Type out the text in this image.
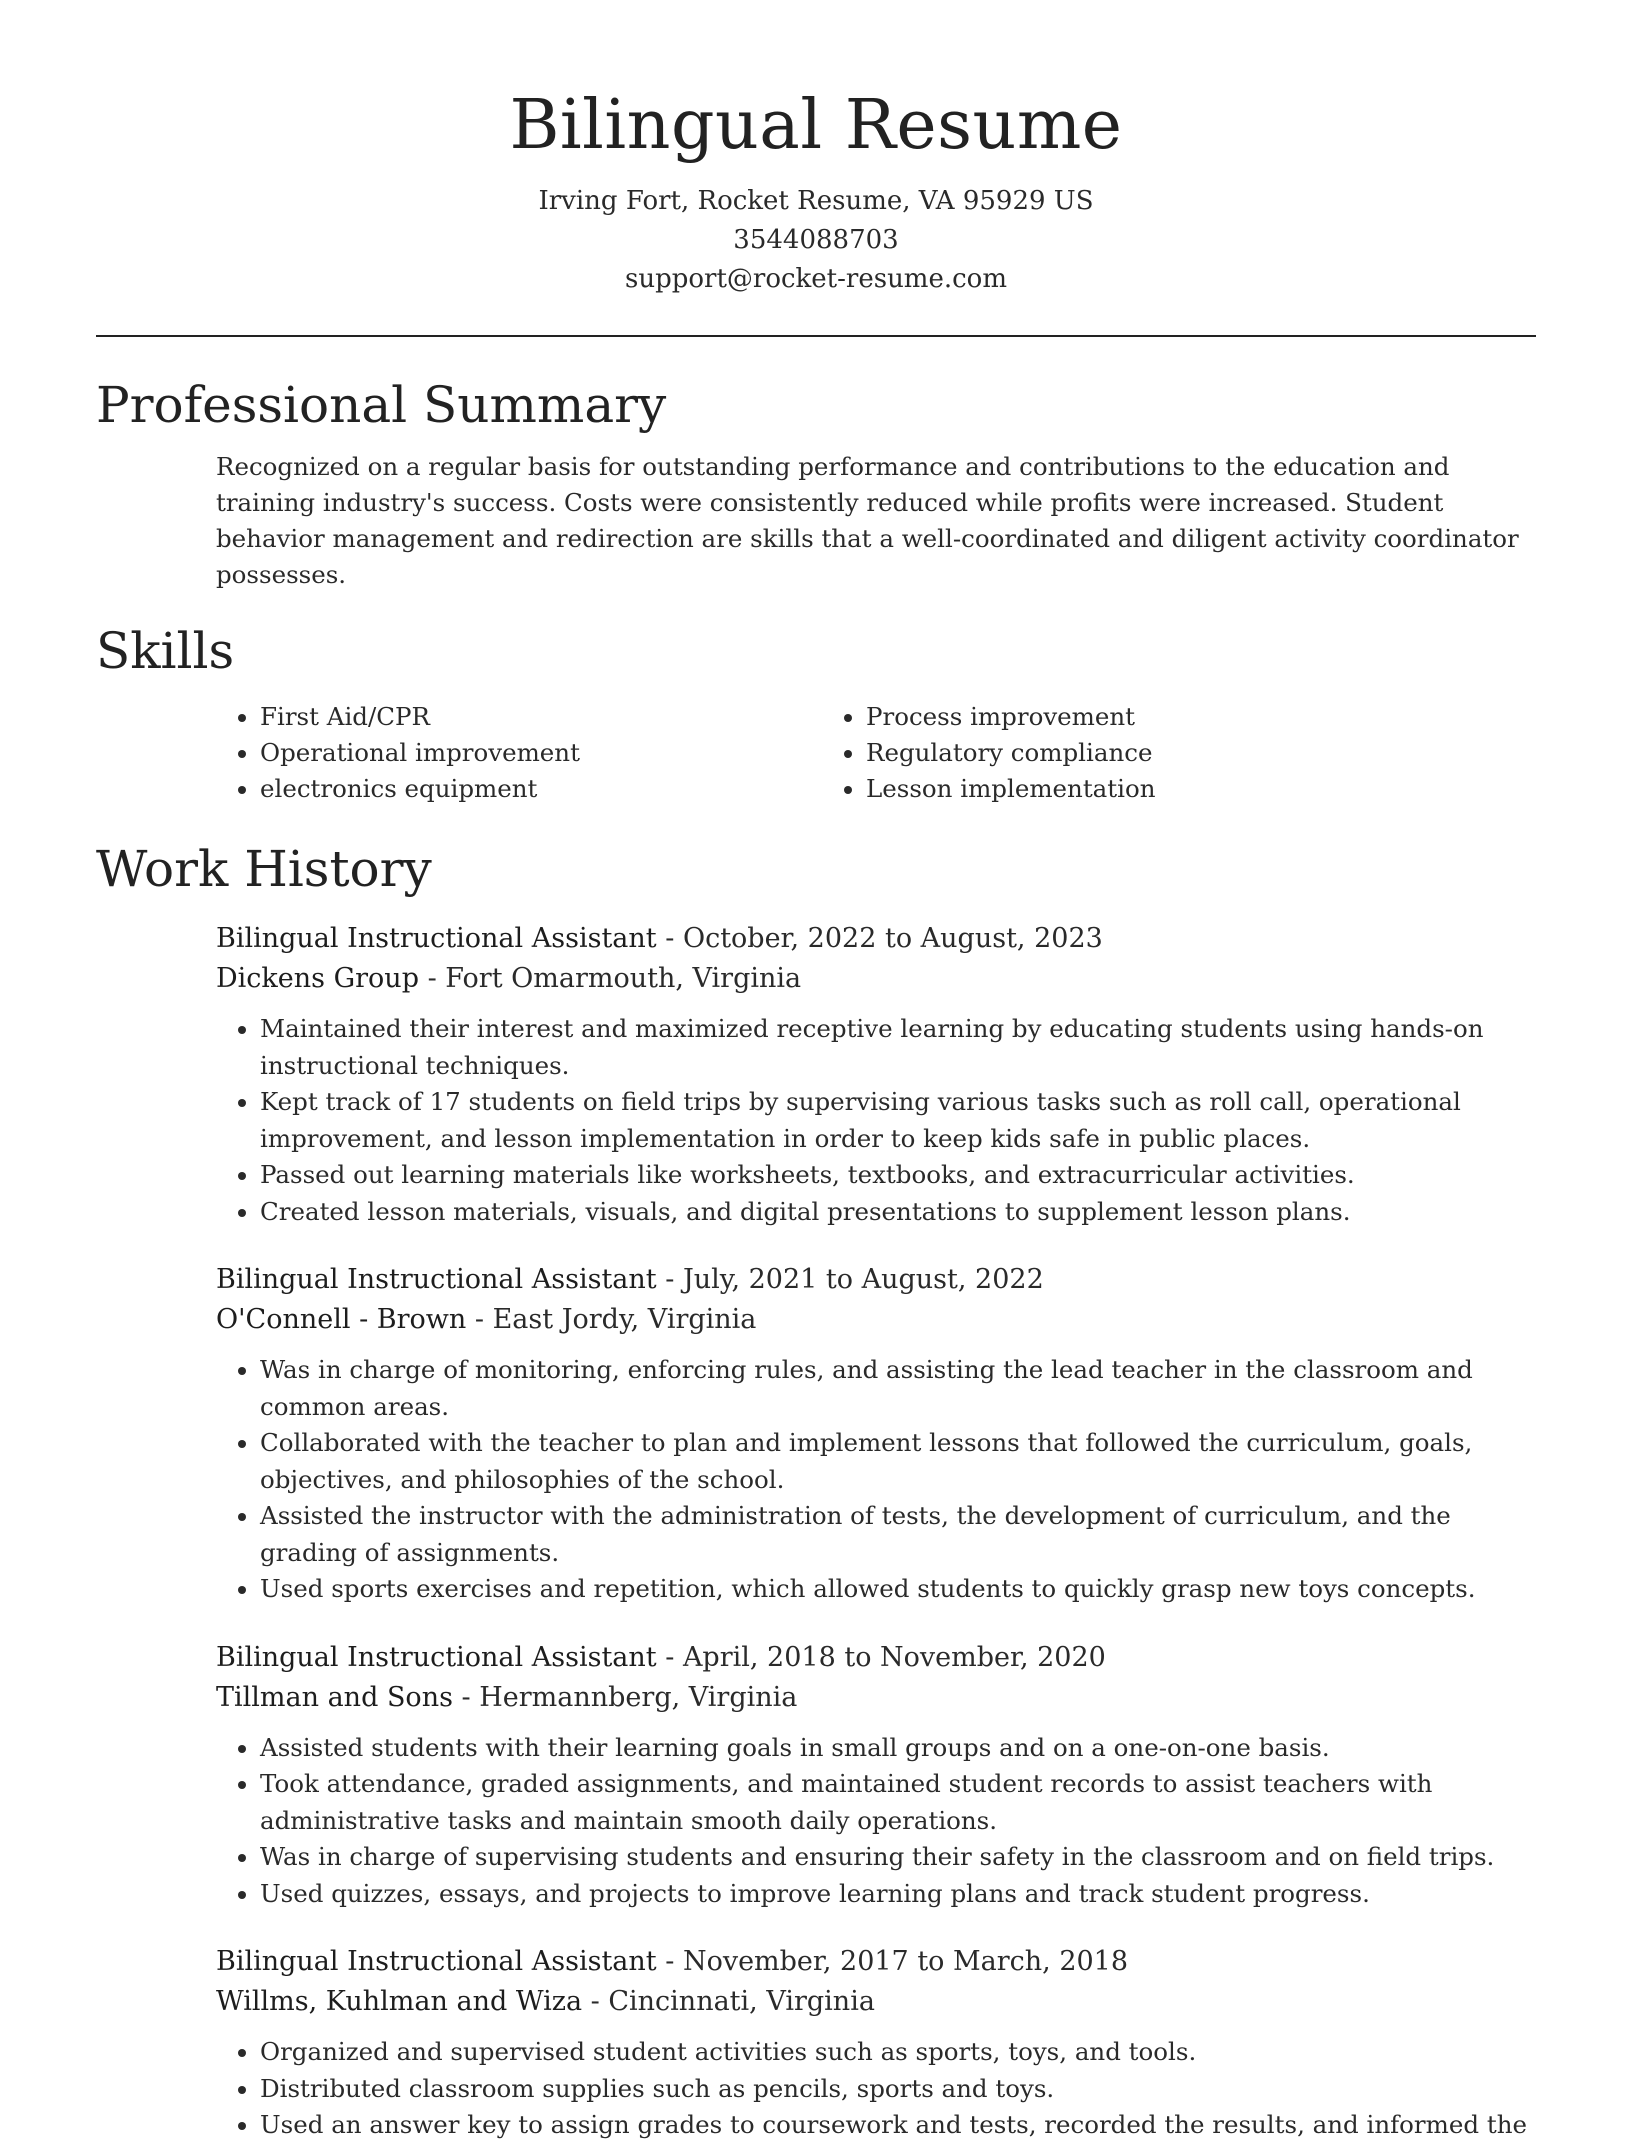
Bilingual Resume
Irving Fort, Rocket Resume, VA 95929 US
3544088703
support@rocket-resume.com
Professional Summary

Recognized on a regular basis for outstanding performance and contributions to the education and training industry's success. Costs were consistently reduced while profits were increased. Student behavior management and redirection are skills that a well-coordinated and diligent activity coordinator possesses.

Skills
• First Aid/CPR
• Operational improvement
• electronics equipment
• Process improvement
• Regulatory compliance
• Lesson implementation
Work History
Bilingual Instructional Assistant - October, 2022 to August, 2023
Dickens Group - Fort Omarmouth, Virginia
• Maintained their interest and maximized receptive learning by educating students using hands-on instructional techniques.
• Kept track of 17 students on field trips by supervising various tasks such as roll call, operational improvement, and lesson implementation in order to keep kids safe in public places.
• Passed out learning materials like worksheets, textbooks, and extracurricular activities.
• Created lesson materials, visuals, and digital presentations to supplement lesson plans.
Bilingual Instructional Assistant - July, 2021 to August, 2022
O'Connell - Brown - East Jordy, Virginia
• Was in charge of monitoring, enforcing rules, and assisting the lead teacher in the classroom and common areas.
• Collaborated with the teacher to plan and implement lessons that followed the curriculum, goals, objectives, and philosophies of the school.
• Assisted the instructor with the administration of tests, the development of curriculum, and the grading of assignments.
• Used sports exercises and repetition, which allowed students to quickly grasp new toys concepts.
Bilingual Instructional Assistant - April, 2018 to November, 2020
Tillman and Sons - Hermannberg, Virginia
• Assisted students with their learning goals in small groups and on a one-on-one basis.
• Took attendance, graded assignments, and maintained student records to assist teachers with administrative tasks and maintain smooth daily operations.
• Was in charge of supervising students and ensuring their safety in the classroom and on field trips.
• Used quizzes, essays, and projects to improve learning plans and track student progress.
Bilingual Instructional Assistant - November, 2017 to March, 2018
Willms, Kuhlman and Wiza - Cincinnati, Virginia
• Organized and supervised student activities such as sports, toys, and tools.
• Distributed classroom supplies such as pencils, sports and toys.
• Used an answer key to assign grades to coursework and tests, recorded the results, and informed the
